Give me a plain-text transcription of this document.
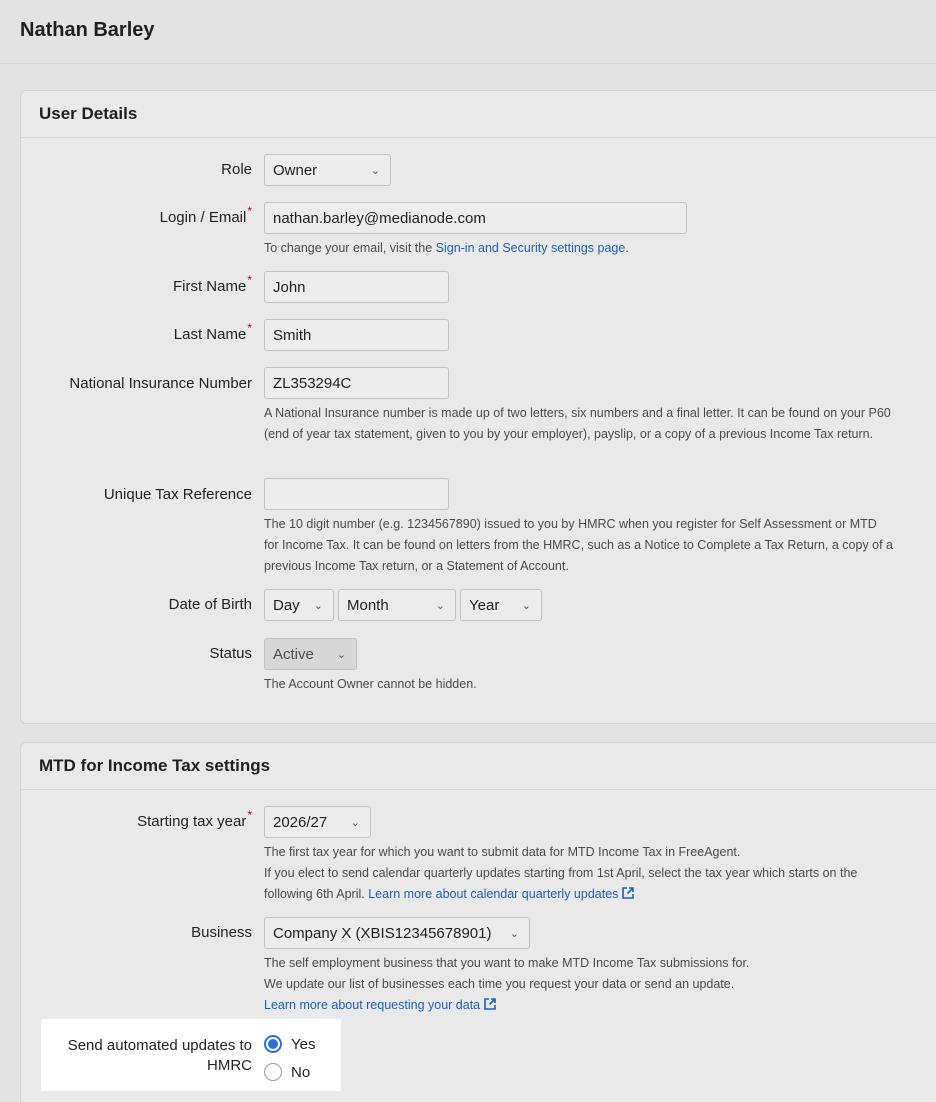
Nathan Barley
User Details
Role Owner	⌄
Login / Email*	nathan.barley@medianode.com
To change your email, visit the Sign-in and Security settings page.
First Name*	John
Last Name*	Smith
National Insurance Number	ZL353294C
A National Insurance number is made up of two letters, six numbers and a final letter. It can be found on your P60 (end of year tax statement, given to you by your employer), payslip, or a copy of a previous Income Tax return.
Unique Tax Reference
The 10 digit number (e.g. 1234567890) issued to you by HMRC when you register for Self Assessment or MTD for Income Tax. It can be found on letters from the HMRC, such as a Notice to Complete a Tax Return, a copy of a previous Income Tax return, or a Statement of Account.
Date of Birth Day ⌄ Month	⌄ Year ⌄
Status Active ⌄
The Account Owner cannot be hidden.
MTD for Income Tax settings
Starting tax year* 2026/27 ⌄
The first tax year for which you want to submit data for MTD Income Tax in FreeAgent.
If you elect to send calendar quarterly updates starting from 1st April, select the tax year which starts on the following 6th April. Learn more about calendar quarterly updates
Business Company X (XBIS12345678901) ⌄
The self employment business that you want to make MTD Income Tax submissions for.
We update our list of businesses each time you request your data or send an update.
Learn more about requesting your data
Send automated updates to
HMRC
Yes
No
